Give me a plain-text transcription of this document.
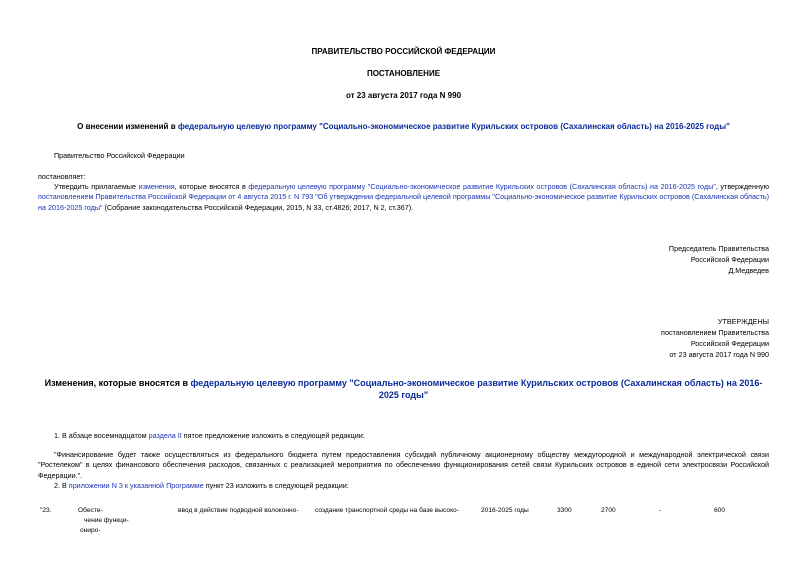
ПРАВИТЕЛЬСТВО РОССИЙСКОЙ ФЕДЕРАЦИИ
ПОСТАНОВЛЕНИЕ
от 23 августа 2017 года N 990
О внесении изменений в федеральную целевую программу "Социально-экономическое развитие Курильских островов (Сахалинская область) на 2016-2025 годы"
Правительство Российской Федерации
постановляет:
Утвердить прилагаемые изменения, которые вносятся в федеральную целевую программу "Социально-экономическое развитие Курильских островов (Сахалинская область) на 2016-2025 годы", утвержденную постановлением Правительства Российской Федерации от 4 августа 2015 г. N 793 "Об утверждении федеральной целевой программы "Социально-экономическое развитие Курильских островов (Сахалинская область) на 2016-2025 годы" (Собрание законодательства Российской Федерации, 2015, N 33, ст.4826; 2017, N 2, ст.367).
Председатель Правительства
Российской Федерации
Д.Медведев
УТВЕРЖДЕНЫ
постановлением Правительства
Российской Федерации
от 23 августа 2017 года N 990
Изменения, которые вносятся в федеральную целевую программу "Социально-экономическое развитие Курильских островов (Сахалинская область) на 2016-2025 годы"
1. В абзаце восемнадцатом раздела II пятое предложение изложить в следующей редакции:
"Финансирование будет также осуществляться из федерального бюджета путем предоставления субсидий публичному акционерному обществу междугородной и международной электрической связи "Ростелеком" в целях финансового обеспечения расходов, связанных с реализацией мероприятия по обеспечению функционирования сетей связи Курильских островов в единой сети электросвязи Российской Федерации.".
2. В приложении N 3 к указанной Программе пункт 23 изложить в следующей редакции:
"23.	Обесте-
чение функци-
онирo-
	ввод в действие подводной волоконно-	создание транспортной среды на базе высоко-	2016-2025 годы	3300	2700	-	600
